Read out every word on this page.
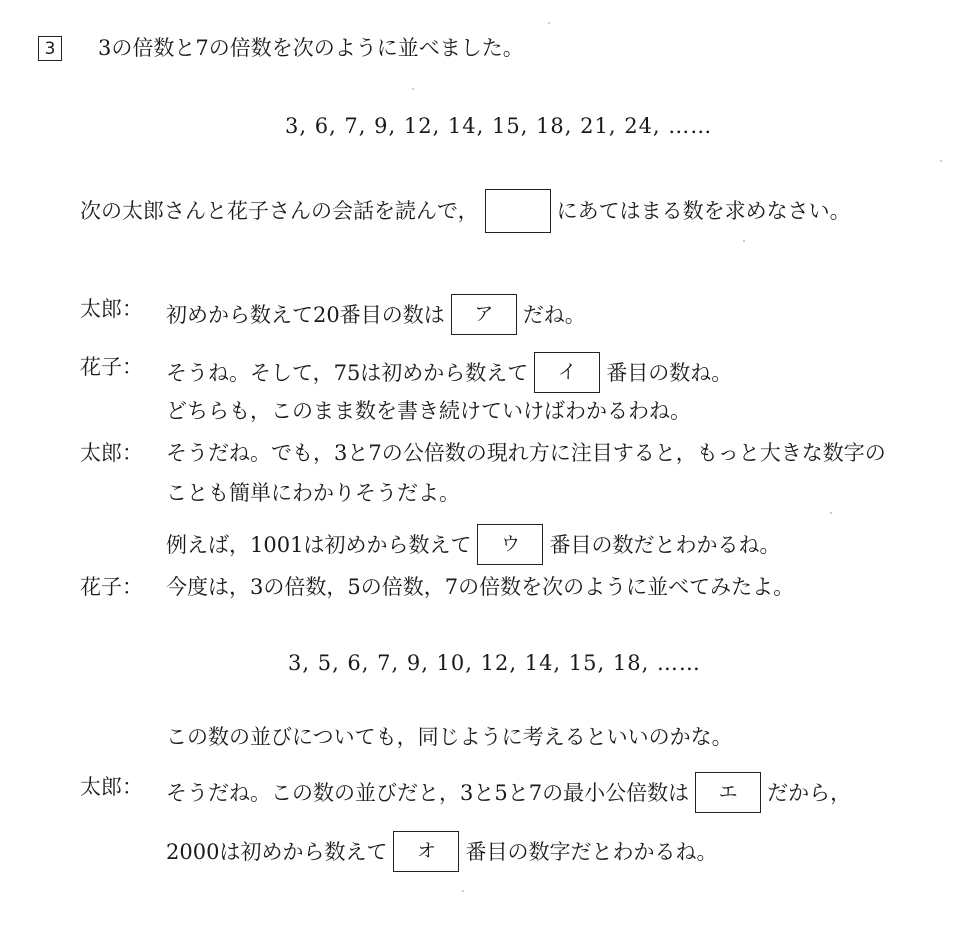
3	3の倍数と7の倍数を次のように並べました。
3, 6, 7, 9, 12, 14, 15, 18, 21, 24, ……
次の太郎さんと花子さんの会話を読んで，	にあてはまる数を求めなさい。
太郎： 初めから数えて20番目の数は	ア	だね。
花子： そうね。そして，75は初めから数えて	イ	番目の数ね。
どちらも，このまま数を書き続けていけばわかるわね。
太郎： そうだね。でも，3と7の公倍数の現れ方に注目すると，もっと大きな数字の
ことも簡単にわかりそうだよ。
例えば，1001は初めから数えて	ウ	番目の数だとわかるね。
花子： 今度は，3の倍数，5の倍数，7の倍数を次のように並べてみたよ。
3, 5, 6, 7, 9, 10, 12, 14, 15, 18, ……
この数の並びについても，同じように考えるといいのかな。
太郎： そうだね。この数の並びだと，3と5と7の最小公倍数は	エ	だから，
2000は初めから数えて	オ	番目の数字だとわかるね。
